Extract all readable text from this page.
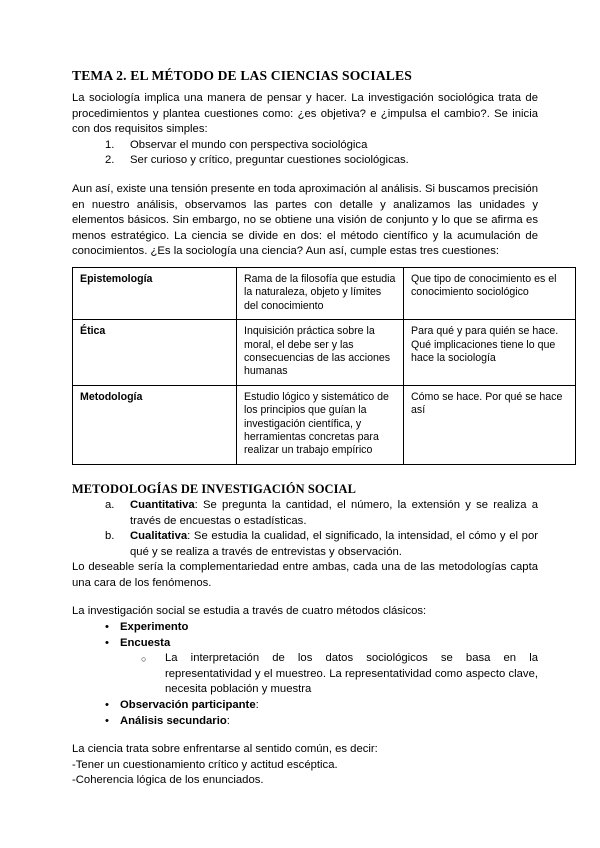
TEMA 2. EL MÉTODO DE LAS CIENCIAS SOCIALES

La sociología implica una manera de pensar y hacer. La investigación sociológica trata de procedimientos y plantea cuestiones como: ¿es objetiva? e ¿impulsa el cambio?. Se inicia con dos requisitos simples:

1.	Observar el mundo con perspectiva sociológica
2.	Ser curioso y crítico, preguntar cuestiones sociológicas.

Aun así, existe una tensión presente en toda aproximación al análisis. Si buscamos precisión en nuestro análisis, observamos las partes con detalle y analizamos las unidades y elementos básicos. Sin embargo, no se obtiene una visión de conjunto y lo que se afirma es menos estratégico. La ciencia se divide en dos: el método científico y la acumulación de conocimientos. ¿Es la sociología una ciencia? Aun así, cumple estas tres cuestiones:

Epistemología	Rama de la filosofía que estudia la naturaleza, objeto y límites del conocimiento	Que tipo de conocimiento es el conocimiento sociológico
Ética	Inquisición práctica sobre la moral, el debe ser y las consecuencias de las acciones humanas	Para qué y para quién se hace. Qué implicaciones tiene lo que hace la sociología
Metodología	Estudio lógico y sistemático de los principios que guían la investigación científica, y herramientas concretas para realizar un trabajo empírico	Cómo se hace. Por qué se hace así
METODOLOGÍAS DE INVESTIGACIÓN SOCIAL
a.	Cuantitativa: Se pregunta la cantidad, el número, la extensión y se realiza a través de encuestas o estadísticas.
b.	Cualitativa: Se estudia la cualidad, el significado, la intensidad, el cómo y el por qué y se realiza a través de entrevistas y observación.

Lo deseable sería la complementariedad entre ambas, cada una de las metodologías capta una cara de los fenómenos.

La investigación social se estudia a través de cuatro métodos clásicos:

• Experimento
• Encuesta
○ La interpretación de los datos sociológicos se basa en la representatividad y el muestreo. La representatividad como aspecto clave, necesita población y muestra
• Observación participante:
• Análisis secundario:

La ciencia trata sobre enfrentarse al sentido común, es decir:

-Tener un cuestionamiento crítico y actitud escéptica.

-Coherencia lógica de los enunciados.
